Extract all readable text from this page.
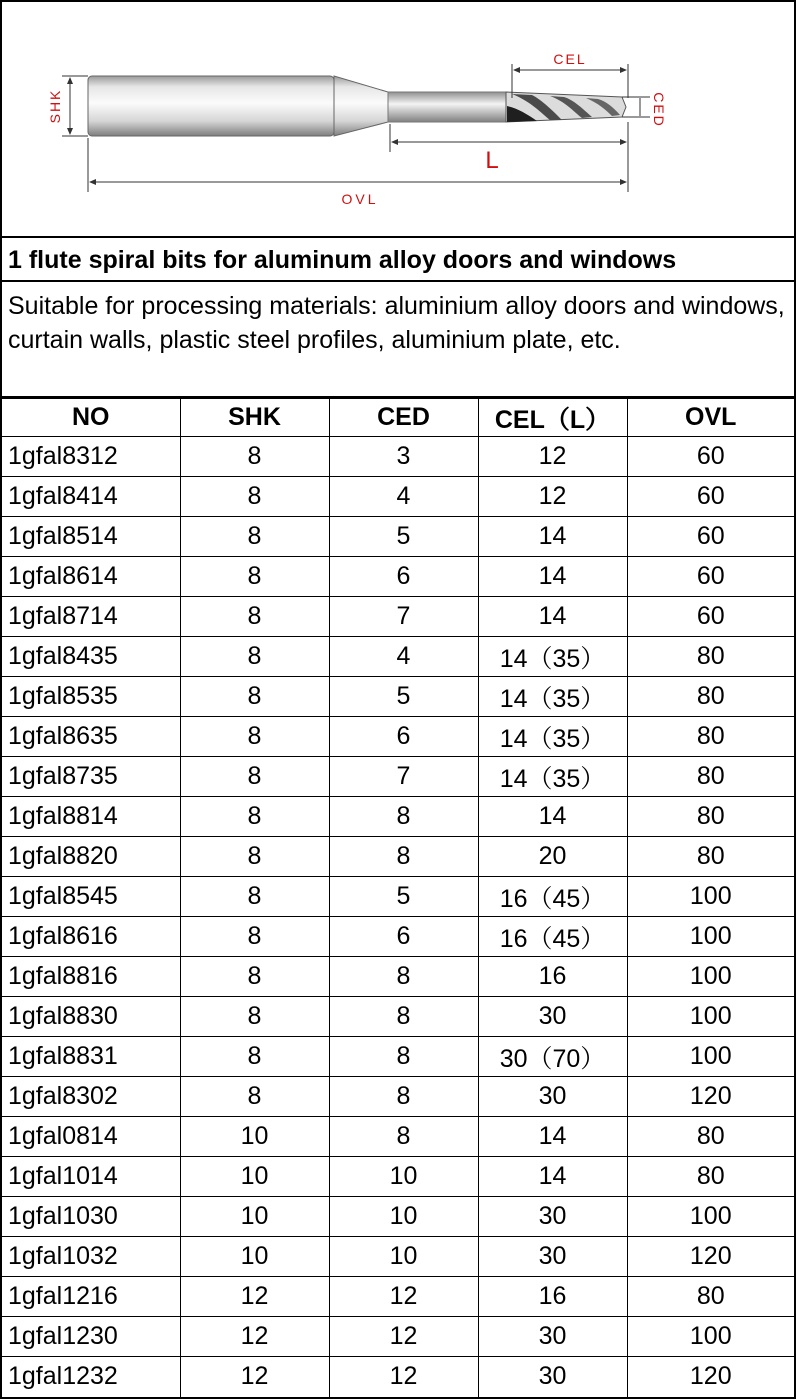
SHK
CEL
CED
L
OVL
1 flute spiral bits for aluminum alloy doors and windows
Suitable for processing materials: aluminium alloy doors and windows, curtain walls, plastic steel profiles, aluminium plate, etc.
NO	SHK	CED	CEL（L）	OVL
1gfal8312	8	3	12	60
1gfal8414	8	4	12	60
1gfal8514	8	5	14	60
1gfal8614	8	6	14	60
1gfal8714	8	7	14	60
1gfal8435	8	4	14（35）	80
1gfal8535	8	5	14（35）	80
1gfal8635	8	6	14（35）	80
1gfal8735	8	7	14（35）	80
1gfal8814	8	8	14	80
1gfal8820	8	8	20	80
1gfal8545	8	5	16（45）	100
1gfal8616	8	6	16（45）	100
1gfal8816	8	8	16	100
1gfal8830	8	8	30	100
1gfal8831	8	8	30（70）	100
1gfal8302	8	8	30	120
1gfal0814	10	8	14	80
1gfal1014	10	10	14	80
1gfal1030	10	10	30	100
1gfal1032	10	10	30	120
1gfal1216	12	12	16	80
1gfal1230	12	12	30	100
1gfal1232	12	12	30	120
